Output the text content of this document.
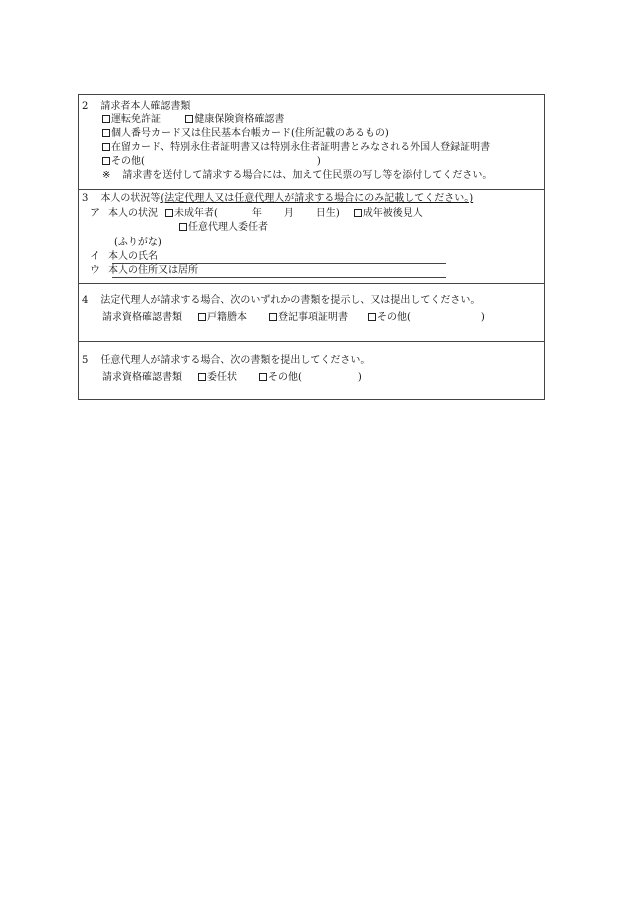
2 請求者本人確認書類
運転免許証	健康保険資格確認書
個人番号カード又は住民基本台帳カード(住所記載のあるもの)
在留カード、特別永住者証明書又は特別永住者証明書とみなされる外国人登録証明書
その他(	)
※ 請求書を送付して請求する場合には、加えて住民票の写し等を添付してください。
3 本人の状況等(法定代理人又は任意代理人が請求する場合にのみ記載してください。)
ア 本人の状況 未成年者(	年 月 日生) 成年被後見人
任意代理人委任者
(ふりがな)
イ 本人の氏名
ウ 本人の住所又は居所
4 法定代理人が請求する場合、次のいずれかの書類を提示し、又は提出してください。
請求資格確認書類	戸籍謄本	登記事項証明書	その他(	)
5 任意代理人が請求する場合、次の書類を提出してください。
請求資格確認書類	委任状	その他(	)
